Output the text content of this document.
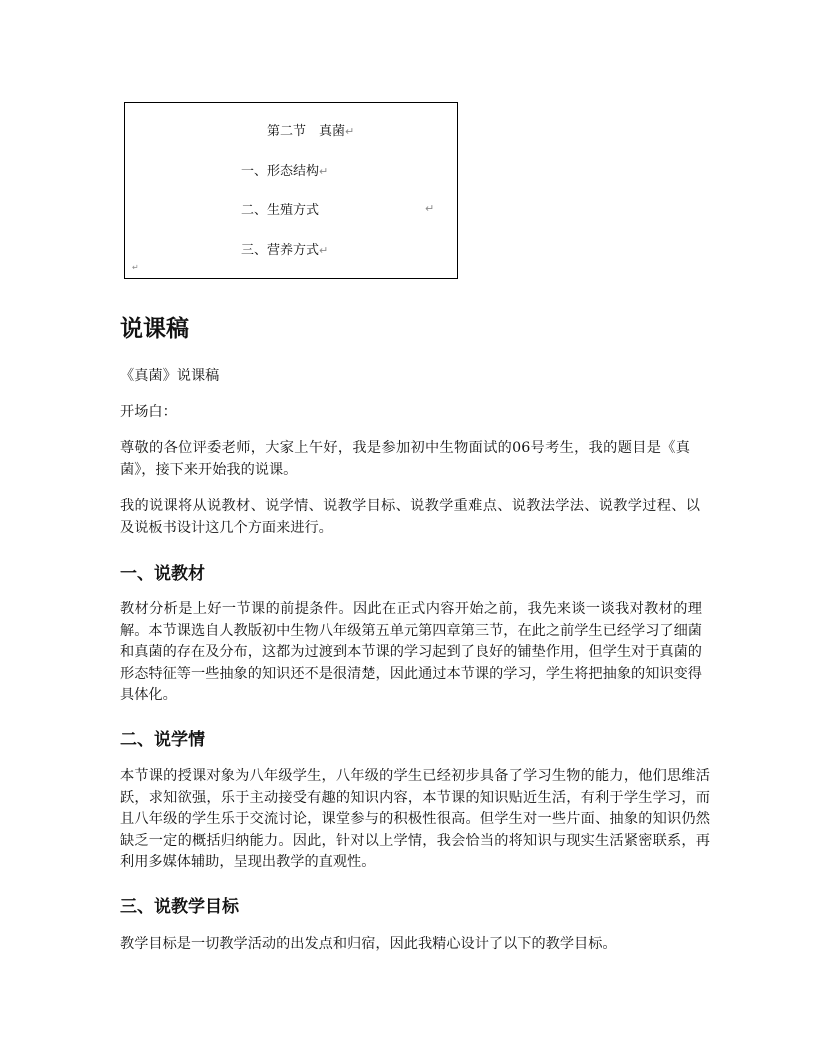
第二节　真菌↵
一、形态结构↵
二、生殖方式	↵
三、营养方式↵
↵
说课稿

《真菌》说课稿

开场白：

尊敬的各位评委老师，大家上午好，我是参加初中生物面试的06号考生，我的题目是《真菌》，接下来开始我的说课。

我的说课将从说教材、说学情、说教学目标、说教学重难点、说教法学法、说教学过程、以及说板书设计这几个方面来进行。

一、说教材

教材分析是上好一节课的前提条件。因此在正式内容开始之前，我先来谈一谈我对教材的理解。本节课选自人教版初中生物八年级第五单元第四章第三节，在此之前学生已经学习了细菌和真菌的存在及分布，这都为过渡到本节课的学习起到了良好的铺垫作用，但学生对于真菌的形态特征等一些抽象的知识还不是很清楚，因此通过本节课的学习，学生将把抽象的知识变得具体化。

二、说学情

本节课的授课对象为八年级学生，八年级的学生已经初步具备了学习生物的能力，他们思维活跃，求知欲强，乐于主动接受有趣的知识内容，本节课的知识贴近生活，有利于学生学习，而且八年级的学生乐于交流讨论，课堂参与的积极性很高。但学生对一些片面、抽象的知识仍然缺乏一定的概括归纳能力。因此，针对以上学情，我会恰当的将知识与现实生活紧密联系，再利用多媒体辅助，呈现出教学的直观性。

三、说教学目标

教学目标是一切教学活动的出发点和归宿，因此我精心设计了以下的教学目标。
